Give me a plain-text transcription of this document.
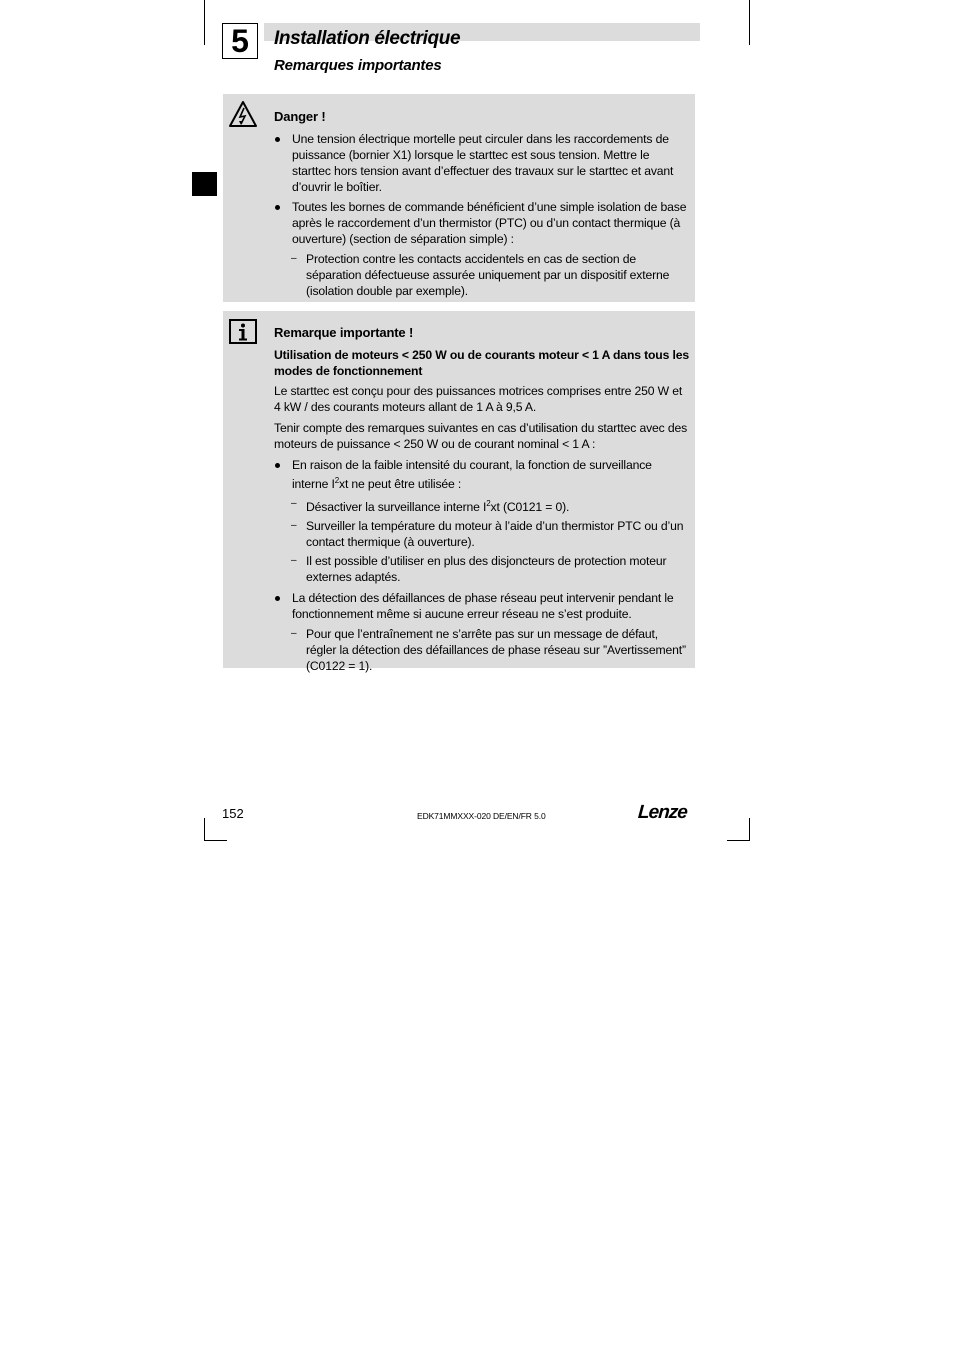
5	Installation électrique
Remarques importantes
Danger !
Une tension électrique mortelle peut circuler dans les raccordements de puissance (bornier X1) lorsque le starttec est sous tension. Mettre le starttec hors tension avant d’effectuer des travaux sur le starttec et avant d’ouvrir le boîtier.
Toutes les bornes de commande bénéficient d’une simple isolation de base après le raccordement d’un thermistor (PTC) ou d’un contact thermique (à ouverture) (section de séparation simple) :
– Protection contre les contacts accidentels en cas de section de séparation défectueuse assurée uniquement par un dispositif externe (isolation double par exemple).
Remarque importante !
Utilisation de moteurs < 250 W ou de courants moteur < 1 A dans tous les modes de fonctionnement
Le starttec est conçu pour des puissances motrices comprises entre 250 W et 4 kW / des courants moteurs allant de 1 A à 9,5 A.
Tenir compte des remarques suivantes en cas d’utilisation du starttec avec des moteurs de puissance < 250 W ou de courant nominal < 1 A :
En raison de la faible intensité du courant, la fonction de surveillance interne $I^2xt$ ne peut être utilisée :
– Désactiver la surveillance interne $I^2xt$ (C0121 = 0).
– Surveiller la température du moteur à l’aide d’un thermistor PTC ou d’un contact thermique (à ouverture).
– Il est possible d’utiliser en plus des disjoncteurs de protection moteur externes adaptés.
La détection des défaillances de phase réseau peut intervenir pendant le fonctionnement même si aucune erreur réseau ne s’est produite.
– Pour que l’entraînement ne s’arrête pas sur un message de défaut, régler la détection des défaillances de phase réseau sur ”Avertissement” (C0122 = 1).
152	EDK71MMXXX-020 DE/EN/FR 5.0	Lenze
